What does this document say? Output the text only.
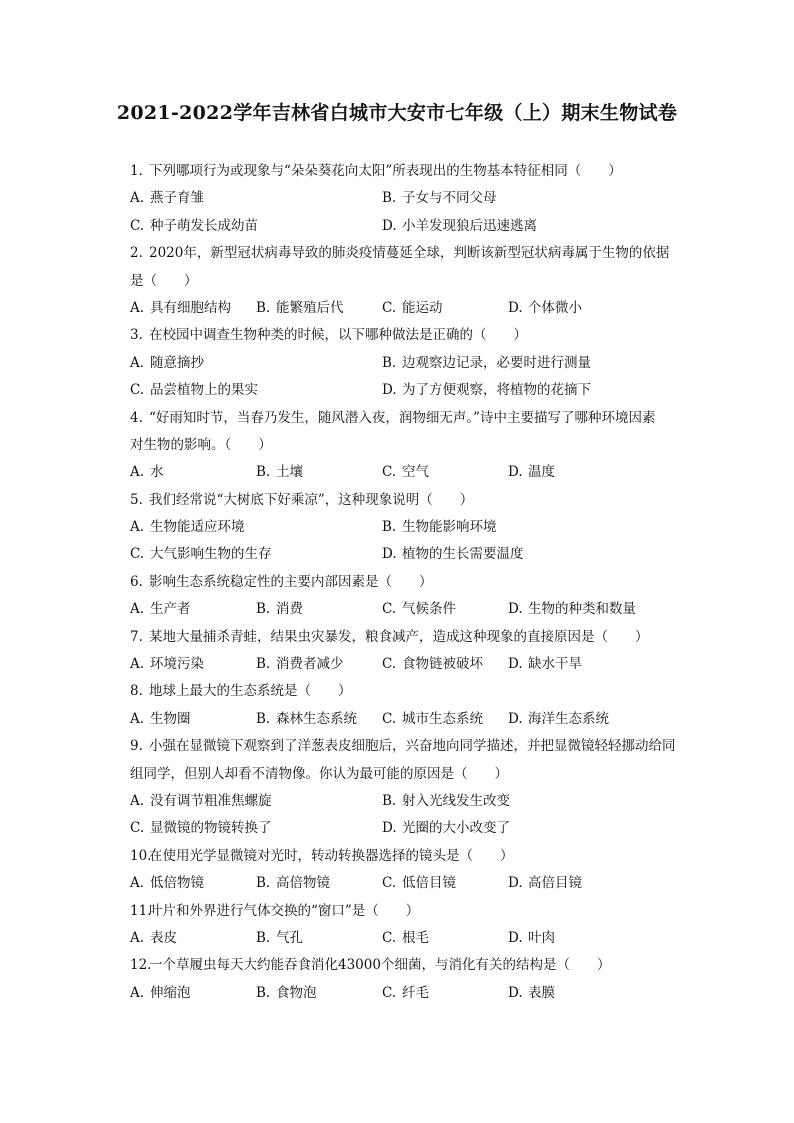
2021-2022学年吉林省白城市大安市七年级（上）期末生物试卷
1. 下列哪项行为或现象与“朵朵葵花向太阳”所表现出的生物基本特征相同（　　）
A. 燕子育雏	B. 子女与不同父母
C. 种子萌发长成幼苗	D. 小羊发现狼后迅速逃离
2. 2020年，新型冠状病毒导致的肺炎疫情蔓延全球，判断该新型冠状病毒属于生物的依据
是（　　）
A. 具有细胞结构 B. 能繁殖后代	C. 能运动	D. 个体微小
3. 在校园中调查生物种类的时候，以下哪种做法是正确的（　　）
A. 随意摘抄	B. 边观察边记录，必要时进行测量
C. 品尝植物上的果实	D. 为了方便观察，将植物的花摘下
4. “好雨知时节，当春乃发生，随风潜入夜，润物细无声。”诗中主要描写了哪种环境因素
对生物的影响。（　　）
A. 水	B. 土壤	C. 空气	D. 温度
5. 我们经常说“大树底下好乘凉”，这种现象说明（　　）
A. 生物能适应环境	B. 生物能影响环境
C. 大气影响生物的生存	D. 植物的生长需要温度
6. 影响生态系统稳定性的主要内部因素是（　　）
A. 生产者	B. 消费	C. 气候条件	D. 生物的种类和数量
7. 某地大量捕杀青蛙，结果虫灾暴发，粮食减产，造成这种现象的直接原因是（　　）
A. 环境污染	B. 消费者减少	C. 食物链被破坏 D. 缺水干旱
8. 地球上最大的生态系统是（　　）
A. 生物圈	B. 森林生态系统 C. 城市生态系统 D. 海洋生态系统
9. 小强在显微镜下观察到了洋葱表皮细胞后，兴奋地向同学描述，并把显微镜轻轻挪动给同
组同学，但别人却看不清物像。你认为最可能的原因是（　　）
A. 没有调节粗准焦螺旋	B. 射入光线发生改变
C. 显微镜的物镜转换了	D. 光圈的大小改变了
10.在使用光学显微镜对光时，转动转换器选择的镜头是（　　）
A. 低倍物镜	B. 高倍物镜	C. 低倍目镜	D. 高倍目镜
11.叶片和外界进行气体交换的“窗口”是（　　）
A. 表皮	B. 气孔	C. 根毛	D. 叶肉
12.一个草履虫每天大约能吞食消化43000个细菌，与消化有关的结构是（　　）
A. 伸缩泡	B. 食物泡	C. 纤毛	D. 表膜
